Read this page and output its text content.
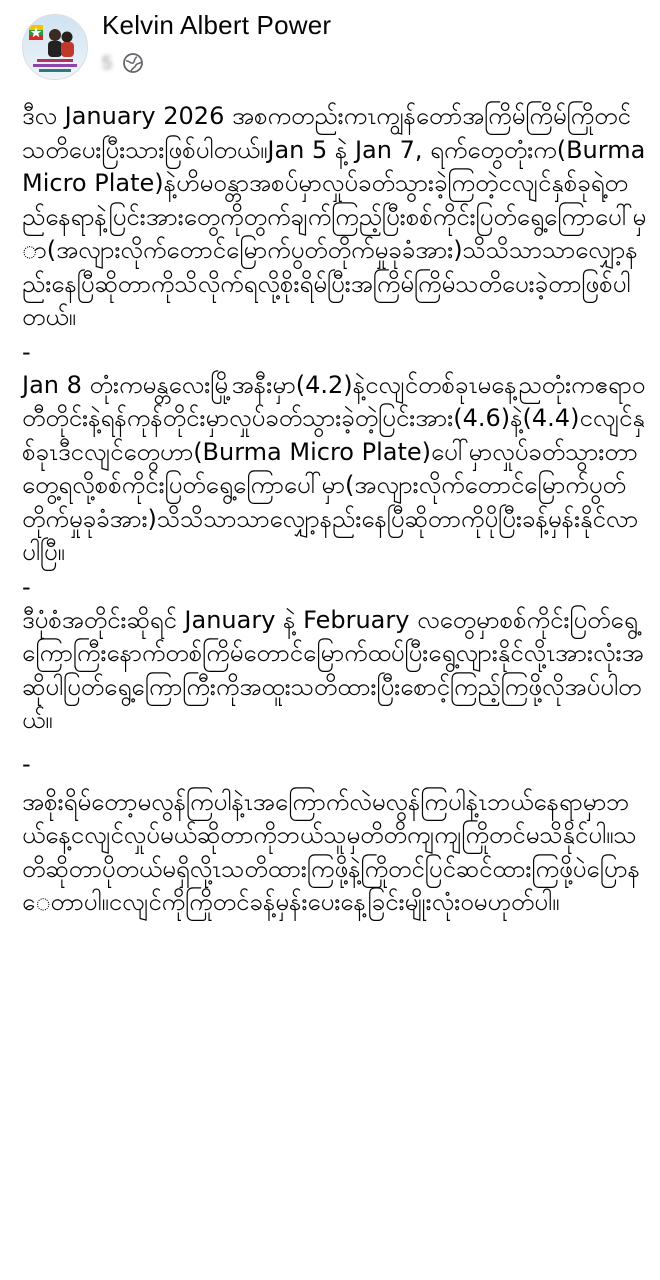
Kelvin Albert Power
5

ဒီလ January 2026 အစကတည်းကၤကျွန်တော်အကြိမ်ကြိမ်ကြိုတင်သတိပေးပြီးသားဖြစ်ပါတယ်။Jan 5 နဲ့ Jan 7, ရက်တွေတုံးက(Burma Micro Plate)နဲ့ဟိမဝန္တာအစပ်မှာလှုပ်ခတ်သွားခဲ့ကြတဲ့ငလျင်နှစ်ခုရဲ့တည်နေရာနဲ့ပြင်းအားတွေကိုတွက်ချက်ကြည့်ပြီးစစ်ကိုင်းပြတ်ရွေ့ကြောပေါ်မှာ(အလျားလိုက်တောင်မြောက်ပွတ်တိုက်မှုခုခံအား)သိသိသာသာလျှော့နည်းနေပြီဆိုတာကိုသိလိုက်ရလို့စိုးရိမ်ပြီးအကြိမ်ကြိမ်သတိပေးခဲ့တာဖြစ်ပါတယ်။

-

Jan 8 တုံးကမန္တလေးမြို့အနီးမှာ(4.2)နဲ့ငလျင်တစ်ခုၤမနေ့ညတုံးကဧရာဝတီတိုင်းနဲ့ရန်ကုန်တိုင်းမှာလှုပ်ခတ်သွားခဲ့တဲ့ပြင်းအား(4.6)နဲ့(4.4)ငလျင်နှစ်ခုၤဒီငလျင်တွေဟာ(Burma Micro Plate)ပေါ်မှာလှုပ်ခတ်သွားတာတွေ့ရလို့စစ်ကိုင်းပြတ်ရွေ့ကြောပေါ်မှာ(အလျားလိုက်တောင်မြောက်ပွတ်တိုက်မှုခုခံအား)သိသိသာသာလျှော့နည်းနေပြီဆိုတာကိုပိုပြီးခန့်မှန်းနိုင်လာပါပြီ။

-

ဒီပုံစံအတိုင်းဆိုရင် January နဲ့ February လတွေမှာစစ်ကိုင်းပြတ်ရွေ့ကြောကြီးနောက်တစ်ကြိမ်တောင်မြောက်ထပ်ပြီးရွေ့လျားနိုင်လို့ၤအားလုံးအဆိုပါပြတ်ရွေ့ကြောကြီးကိုအထူးသတိထားပြီးစောင့်ကြည့်ကြဖို့လိုအပ်ပါတယ်။

-

အစိုးရိမ်တော့မလွန်ကြပါနဲ့ၤအကြောက်လဲမလွန်ကြပါနဲ့ၤဘယ်နေရာမှာဘယ်နေ့ငလျင်လှုပ်မယ်ဆိုတာကိုဘယ်သူမှတိတိကျကျကြိုတင်မသိနိုင်ပါ။သတိဆိုတာပိုတယ်မရှိလို့ၤသတိထားကြဖို့နဲ့ကြိုတင်ပြင်ဆင်ထားကြဖို့ပဲပြောနေတာပါ။ငလျင်ကိုကြိုတင်ခန့်မှန်းပေးနေ့ခြင်းမျိုးလုံးဝမဟုတ်ပါ။
